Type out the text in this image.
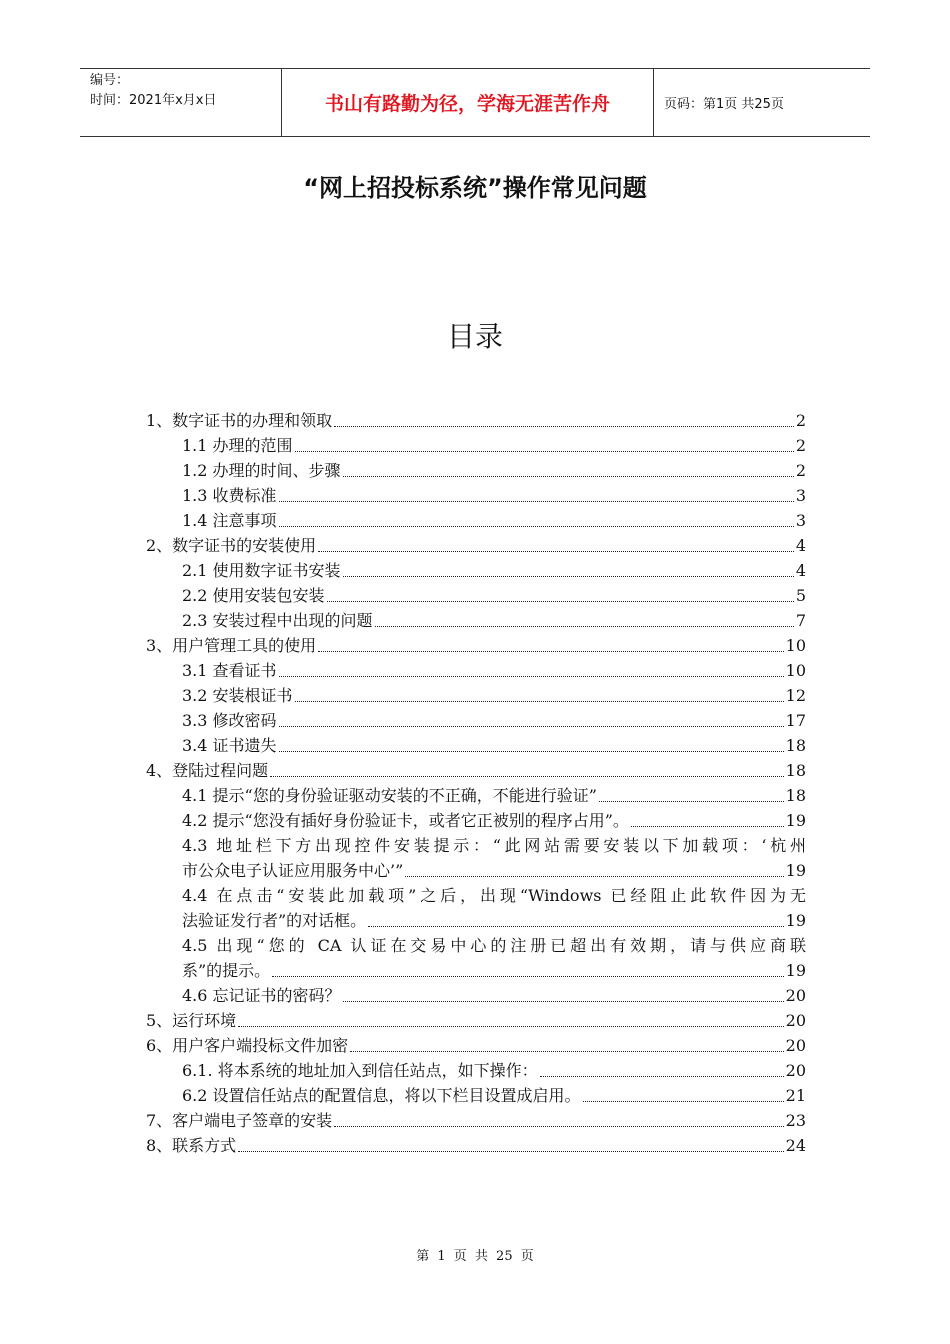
编号：
时间：2021年x月x日	书山有路勤为径，学海无涯苦作舟	页码：第1页 共25页
“网上招投标系统”操作常见问题
目录
1、数字证书的办理和领取	2
1.1 办理的范围	2
1.2 办理的时间、步骤	2
1.3 收费标准	3
1.4 注意事项	3
2、数字证书的安装使用	4
2.1 使用数字证书安装	4
2.2 使用安装包安装	5
2.3 安装过程中出现的问题	7
3、用户管理工具的使用	10
3.1 查看证书	10
3.2 安装根证书	12
3.3 修改密码	17
3.4 证书遗失	18
4、登陆过程问题	18
4.1 提示“您的身份验证驱动安装的不正确，不能进行验证”	18
4.2 提示“您没有插好身份验证卡，或者它正被别的程序占用”。	19
4.3 地址栏下方出现控件安装提示：“此网站需要安装以下加载项：‘杭州
市公众电子认证应用服务中心’”	19
4.4 在点击“安装此加载项”之后，出现“Windows 已经阻止此软件因为无
法验证发行者”的对话框。	19
4.5 出现“您的 CA 认证在交易中心的注册已超出有效期，请与供应商联
系”的提示。	19
4.6 忘记证书的密码？	20
5、运行环境	20
6、用户客户端投标文件加密	20
6.1. 将本系统的地址加入到信任站点，如下操作：	20
6.2 设置信任站点的配置信息，将以下栏目设置成启用。	21
7、客户端电子签章的安装	23
8、联系方式	24
第 1 页 共 25 页
